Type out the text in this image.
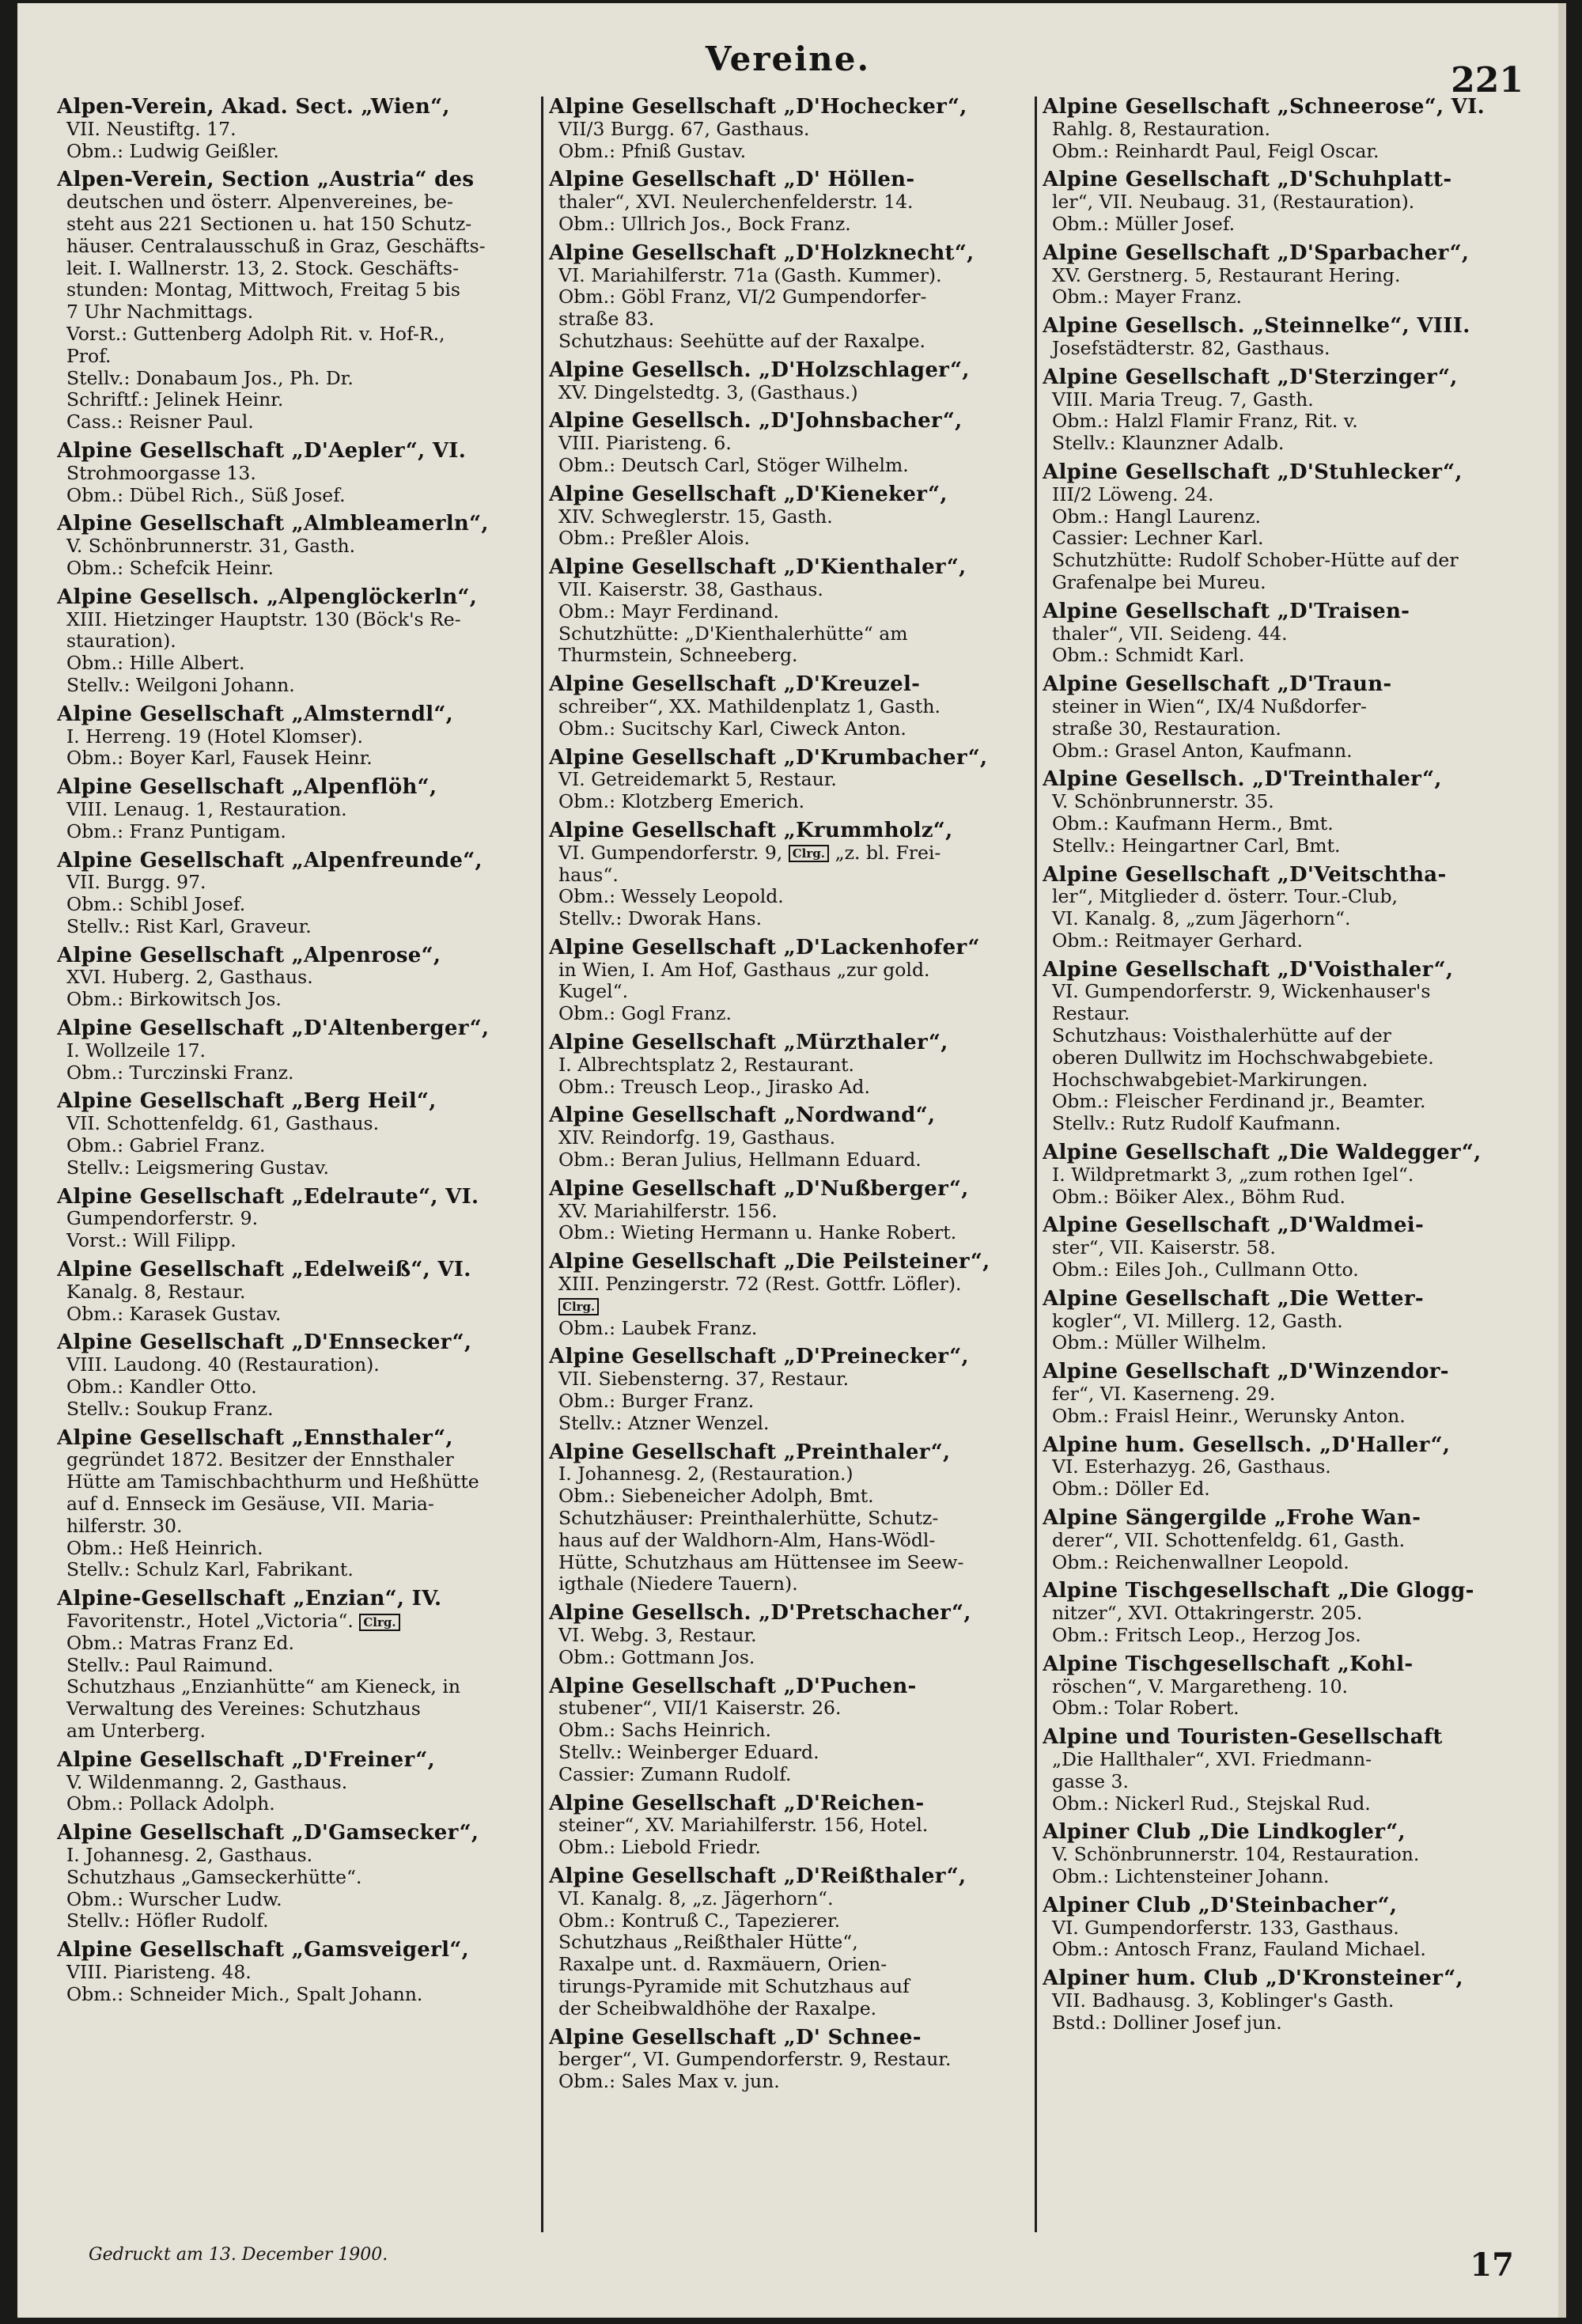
Vereine.
221
Alpen-Verein, Akad. Sect. „Wien“,
VII. Neustiftg. 17.
Obm.: Ludwig Geißler.
Alpen-Verein, Section „Austria“ des
deutschen und österr. Alpenvereines, be-
steht aus 221 Sectionen u. hat 150 Schutz-
häuser. Centralausschuß in Graz, Geschäfts-
leit. I. Wallnerstr. 13, 2. Stock. Geschäfts-
stunden: Montag, Mittwoch, Freitag 5 bis
7 Uhr Nachmittags.
Vorst.: Guttenberg Adolph Rit. v. Hof-R.,
Prof.
Stellv.: Donabaum Jos., Ph. Dr.
Schriftf.: Jelinek Heinr.
Cass.: Reisner Paul.
Alpine Gesellschaft „D'Aepler“, VI.
Strohmoorgasse 13.
Obm.: Dübel Rich., Süß Josef.
Alpine Gesellschaft „Almbleamerln“,
V. Schönbrunnerstr. 31, Gasth.
Obm.: Schefcik Heinr.
Alpine Gesellsch. „Alpenglöckerln“,
XIII. Hietzinger Hauptstr. 130 (Böck's Re-
stauration).
Obm.: Hille Albert.
Stellv.: Weilgoni Johann.
Alpine Gesellschaft „Almsterndl“,
I. Herreng. 19 (Hotel Klomser).
Obm.: Boyer Karl, Fausek Heinr.
Alpine Gesellschaft „Alpenflöh“,
VIII. Lenaug. 1, Restauration.
Obm.: Franz Puntigam.
Alpine Gesellschaft „Alpenfreunde“,
VII. Burgg. 97.
Obm.: Schibl Josef.
Stellv.: Rist Karl, Graveur.
Alpine Gesellschaft „Alpenrose“,
XVI. Huberg. 2, Gasthaus.
Obm.: Birkowitsch Jos.
Alpine Gesellschaft „D'Altenberger“,
I. Wollzeile 17.
Obm.: Turczinski Franz.
Alpine Gesellschaft „Berg Heil“,
VII. Schottenfeldg. 61, Gasthaus.
Obm.: Gabriel Franz.
Stellv.: Leigsmering Gustav.
Alpine Gesellschaft „Edelraute“, VI.
Gumpendorferstr. 9.
Vorst.: Will Filipp.
Alpine Gesellschaft „Edelweiß“, VI.
Kanalg. 8, Restaur.
Obm.: Karasek Gustav.
Alpine Gesellschaft „D'Ennsecker“,
VIII. Laudong. 40 (Restauration).
Obm.: Kandler Otto.
Stellv.: Soukup Franz.
Alpine Gesellschaft „Ennsthaler“,
gegründet 1872. Besitzer der Ennsthaler
Hütte am Tamischbachthurm und Heßhütte
auf d. Ennseck im Gesäuse, VII. Maria-
hilferstr. 30.
Obm.: Heß Heinrich.
Stellv.: Schulz Karl, Fabrikant.
Alpine-Gesellschaft „Enzian“, IV.
Favoritenstr., Hotel „Victoria“. Clrg.
Obm.: Matras Franz Ed.
Stellv.: Paul Raimund.
Schutzhaus „Enzianhütte“ am Kieneck, in
Verwaltung des Vereines: Schutzhaus
am Unterberg.
Alpine Gesellschaft „D'Freiner“,
V. Wildenmanng. 2, Gasthaus.
Obm.: Pollack Adolph.
Alpine Gesellschaft „D'Gamsecker“,
I. Johannesg. 2, Gasthaus.
Schutzhaus „Gamseckerhütte“.
Obm.: Wurscher Ludw.
Stellv.: Höfler Rudolf.
Alpine Gesellschaft „Gamsveigerl“,
VIII. Piaristeng. 48.
Obm.: Schneider Mich., Spalt Johann.
Alpine Gesellschaft „D'Hochecker“,
VII/3 Burgg. 67, Gasthaus.
Obm.: Pfniß Gustav.
Alpine Gesellschaft „D' Höllen-
thaler“, XVI. Neulerchenfelderstr. 14.
Obm.: Ullrich Jos., Bock Franz.
Alpine Gesellschaft „D'Holzknecht“,
VI. Mariahilferstr. 71a (Gasth. Kummer).
Obm.: Göbl Franz, VI/2 Gumpendorfer-
straße 83.
Schutzhaus: Seehütte auf der Raxalpe.
Alpine Gesellsch. „D'Holzschlager“,
XV. Dingelstedtg. 3, (Gasthaus.)
Alpine Gesellsch. „D'Johnsbacher“,
VIII. Piaristeng. 6.
Obm.: Deutsch Carl, Stöger Wilhelm.
Alpine Gesellschaft „D'Kieneker“,
XIV. Schweglerstr. 15, Gasth.
Obm.: Preßler Alois.
Alpine Gesellschaft „D'Kienthaler“,
VII. Kaiserstr. 38, Gasthaus.
Obm.: Mayr Ferdinand.
Schutzhütte: „D'Kienthalerhütte“ am
Thurmstein, Schneeberg.
Alpine Gesellschaft „D'Kreuzel-
schreiber“, XX. Mathildenplatz 1, Gasth.
Obm.: Sucitschy Karl, Ciweck Anton.
Alpine Gesellschaft „D'Krumbacher“,
VI. Getreidemarkt 5, Restaur.
Obm.: Klotzberg Emerich.
Alpine Gesellschaft „Krummholz“,
VI. Gumpendorferstr. 9, Clrg. „z. bl. Frei-
haus“.
Obm.: Wessely Leopold.
Stellv.: Dworak Hans.
Alpine Gesellschaft „D'Lackenhofer“
in Wien, I. Am Hof, Gasthaus „zur gold.
Kugel“.
Obm.: Gogl Franz.
Alpine Gesellschaft „Mürzthaler“,
I. Albrechtsplatz 2, Restaurant.
Obm.: Treusch Leop., Jirasko Ad.
Alpine Gesellschaft „Nordwand“,
XIV. Reindorfg. 19, Gasthaus.
Obm.: Beran Julius, Hellmann Eduard.
Alpine Gesellschaft „D'Nußberger“,
XV. Mariahilferstr. 156.
Obm.: Wieting Hermann u. Hanke Robert.
Alpine Gesellschaft „Die Peilsteiner“,
XIII. Penzingerstr. 72 (Rest. Gottfr. Löfler).
Clrg.
Obm.: Laubek Franz.
Alpine Gesellschaft „D'Preinecker“,
VII. Siebensterng. 37, Restaur.
Obm.: Burger Franz.
Stellv.: Atzner Wenzel.
Alpine Gesellschaft „Preinthaler“,
I. Johannesg. 2, (Restauration.)
Obm.: Siebeneicher Adolph, Bmt.
Schutzhäuser: Preinthalerhütte, Schutz-
haus auf der Waldhorn-Alm, Hans-Wödl-
Hütte, Schutzhaus am Hüttensee im Seew-
igthale (Niedere Tauern).
Alpine Gesellsch. „D'Pretschacher“,
VI. Webg. 3, Restaur.
Obm.: Gottmann Jos.
Alpine Gesellschaft „D'Puchen-
stubener“, VII/1 Kaiserstr. 26.
Obm.: Sachs Heinrich.
Stellv.: Weinberger Eduard.
Cassier: Zumann Rudolf.
Alpine Gesellschaft „D'Reichen-
steiner“, XV. Mariahilferstr. 156, Hotel.
Obm.: Liebold Friedr.
Alpine Gesellschaft „D'Reißthaler“,
VI. Kanalg. 8, „z. Jägerhorn“.
Obm.: Kontruß C., Tapezierer.
Schutzhaus „Reißthaler Hütte“,
Raxalpe unt. d. Raxmäuern, Orien-
tirungs-Pyramide mit Schutzhaus auf
der Scheibwaldhöhe der Raxalpe.
Alpine Gesellschaft „D' Schnee-
berger“, VI. Gumpendorferstr. 9, Restaur.
Obm.: Sales Max v. jun.
Alpine Gesellschaft „Schneerose“, VI.
Rahlg. 8, Restauration.
Obm.: Reinhardt Paul, Feigl Oscar.
Alpine Gesellschaft „D'Schuhplatt-
ler“, VII. Neubaug. 31, (Restauration).
Obm.: Müller Josef.
Alpine Gesellschaft „D'Sparbacher“,
XV. Gerstnerg. 5, Restaurant Hering.
Obm.: Mayer Franz.
Alpine Gesellsch. „Steinnelke“, VIII.
Josefstädterstr. 82, Gasthaus.
Alpine Gesellschaft „D'Sterzinger“,
VIII. Maria Treug. 7, Gasth.
Obm.: Halzl Flamir Franz, Rit. v.
Stellv.: Klaunzner Adalb.
Alpine Gesellschaft „D'Stuhlecker“,
III/2 Löweng. 24.
Obm.: Hangl Laurenz.
Cassier: Lechner Karl.
Schutzhütte: Rudolf Schober-Hütte auf der
Grafenalpe bei Mureu.
Alpine Gesellschaft „D'Traisen-
thaler“, VII. Seideng. 44.
Obm.: Schmidt Karl.
Alpine Gesellschaft „D'Traun-
steiner in Wien“, IX/4 Nußdorfer-
straße 30, Restauration.
Obm.: Grasel Anton, Kaufmann.
Alpine Gesellsch. „D'Treinthaler“,
V. Schönbrunnerstr. 35.
Obm.: Kaufmann Herm., Bmt.
Stellv.: Heingartner Carl, Bmt.
Alpine Gesellschaft „D'Veitschtha-
ler“, Mitglieder d. österr. Tour.-Club,
VI. Kanalg. 8, „zum Jägerhorn“.
Obm.: Reitmayer Gerhard.
Alpine Gesellschaft „D'Voisthaler“,
VI. Gumpendorferstr. 9, Wickenhauser's
Restaur.
Schutzhaus: Voisthalerhütte auf der
oberen Dullwitz im Hochschwabgebiete.
Hochschwabgebiet-Markirungen.
Obm.: Fleischer Ferdinand jr., Beamter.
Stellv.: Rutz Rudolf Kaufmann.
Alpine Gesellschaft „Die Waldegger“,
I. Wildpretmarkt 3, „zum rothen Igel“.
Obm.: Böiker Alex., Böhm Rud.
Alpine Gesellschaft „D'Waldmei-
ster“, VII. Kaiserstr. 58.
Obm.: Eiles Joh., Cullmann Otto.
Alpine Gesellschaft „Die Wetter-
kogler“, VI. Millerg. 12, Gasth.
Obm.: Müller Wilhelm.
Alpine Gesellschaft „D'Winzendor-
fer“, VI. Kaserneng. 29.
Obm.: Fraisl Heinr., Werunsky Anton.
Alpine hum. Gesellsch. „D'Haller“,
VI. Esterhazyg. 26, Gasthaus.
Obm.: Döller Ed.
Alpine Sängergilde „Frohe Wan-
derer“, VII. Schottenfeldg. 61, Gasth.
Obm.: Reichenwallner Leopold.
Alpine Tischgesellschaft „Die Glogg-
nitzer“, XVI. Ottakringerstr. 205.
Obm.: Fritsch Leop., Herzog Jos.
Alpine Tischgesellschaft „Kohl-
röschen“, V. Margaretheng. 10.
Obm.: Tolar Robert.
Alpine und Touristen-Gesellschaft
„Die Hallthaler“, XVI. Friedmann-
gasse 3.
Obm.: Nickerl Rud., Stejskal Rud.
Alpiner Club „Die Lindkogler“,
V. Schönbrunnerstr. 104, Restauration.
Obm.: Lichtensteiner Johann.
Alpiner Club „D'Steinbacher“,
VI. Gumpendorferstr. 133, Gasthaus.
Obm.: Antosch Franz, Fauland Michael.
Alpiner hum. Club „D'Kronsteiner“,
VII. Badhausg. 3, Koblinger's Gasth.
Bstd.: Dolliner Josef jun.
Gedruckt am 13. December 1900.	17
